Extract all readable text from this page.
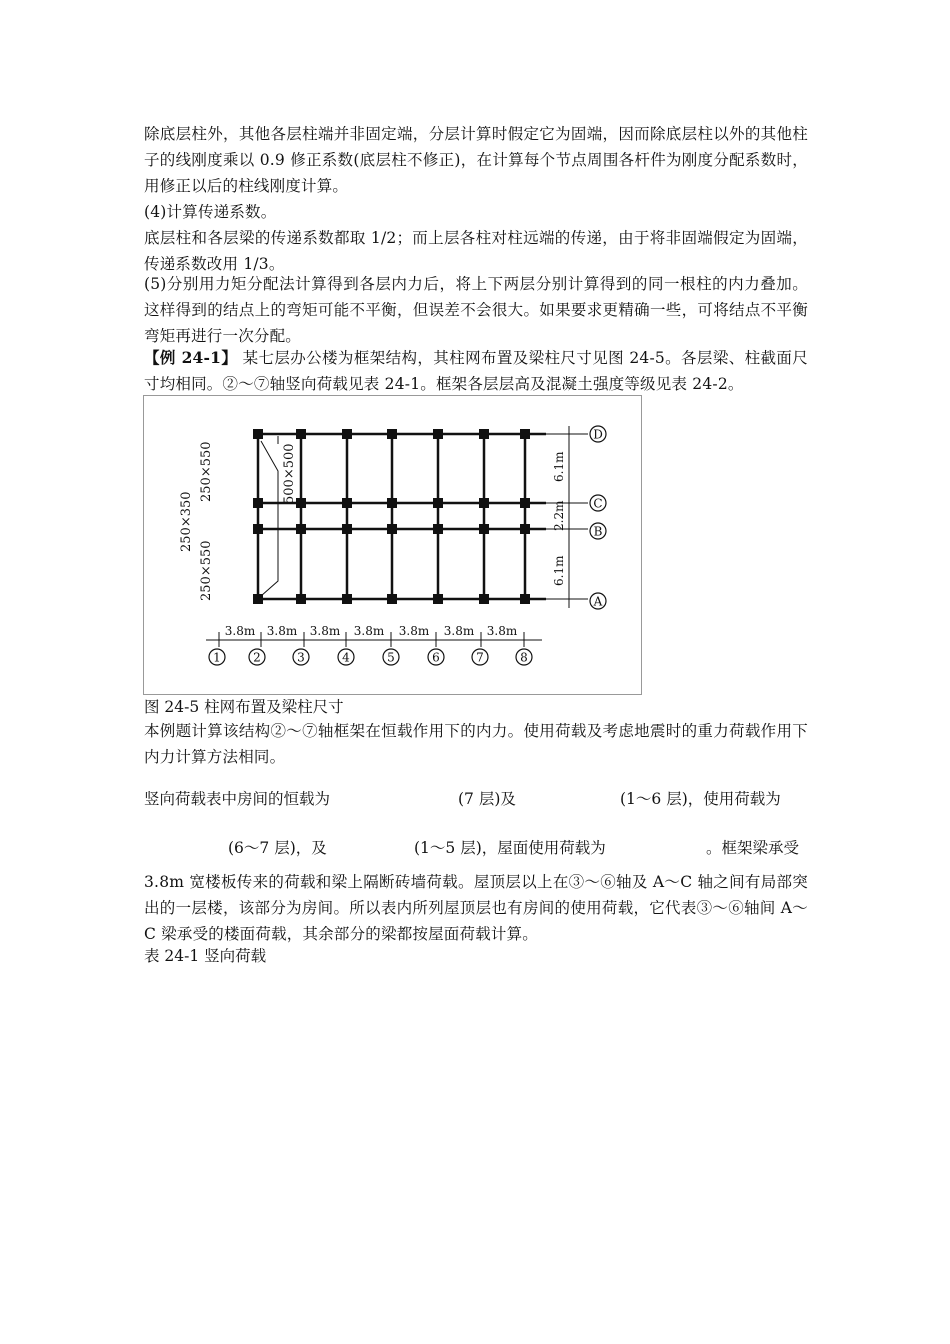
除底层柱外，其他各层柱端并非固定端，分层计算时假定它为固端，因而除底层柱以外的其他柱子的线刚度乘以 0.9 修正系数(底层柱不修正)，在计算每个节点周围各杆件为刚度分配系数时，用修正以后的柱线刚度计算。
(4)计算传递系数。
底层柱和各层梁的传递系数都取 1/2；而上层各柱对柱远端的传递，由于将非固端假定为固端，传递系数改用 1/3。
(5)分别用力矩分配法计算得到各层内力后，将上下两层分别计算得到的同一根柱的内力叠加。这样得到的结点上的弯矩可能不平衡，但误差不会很大。如果要求更精确一些，可将结点不平衡弯矩再进行一次分配。
【例 24-1】 某七层办公楼为框架结构，其柱网布置及梁柱尺寸见图 24-5。各层梁、柱截面尺寸均相同。②～⑦轴竖向荷载见表 24-1。框架各层层高及混凝土强度等级见表 24-2。
250×550
250×350
250×550
500×500	6.1m
2.2m
6.1m
D
C
B
A
3.8m 3.8m 3.8m 3.8m 3.8m 3.8m 3.8m
1	2	3	4	5	6	7	8
图 24-5 柱网布置及梁柱尺寸
本例题计算该结构②～⑦轴框架在恒载作用下的内力。使用荷载及考虑地震时的重力荷载作用下内力计算方法相同。
竖向荷载表中房间的恒载为	(7 层)及	(1～6 层)，使用荷载为
(6～7 层)，及	(1～5 层)，屋面使用荷载为	。框架梁承受
3.8m 宽楼板传来的荷载和梁上隔断砖墙荷载。屋顶层以上在③～⑥轴及 A～C 轴之间有局部突出的一层楼，该部分为房间。所以表内所列屋顶层也有房间的使用荷载，它代表③～⑥轴间 A～C 梁承受的楼面荷载，其余部分的梁都按屋面荷载计算。
表 24-1 竖向荷载
